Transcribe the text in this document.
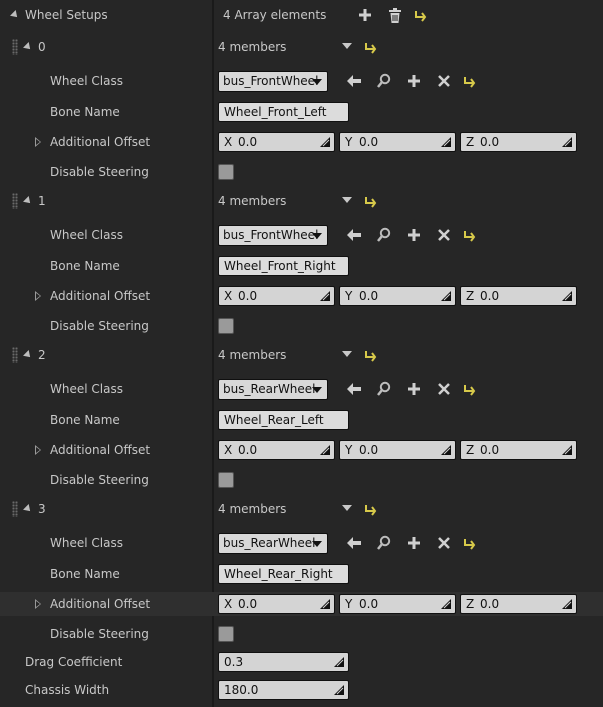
Wheel Setups	4 Array elements
0	4 members
Wheel Class	bus_FrontWheel
Bone Name	Wheel_Front_Left
Additional Offset	X 0.0	Y 0.0	Z 0.0
Disable Steering
1	4 members
Wheel Class	bus_FrontWheel
Bone Name	Wheel_Front_Right
Additional Offset	X 0.0	Y 0.0	Z 0.0
Disable Steering
2	4 members
Wheel Class	bus_RearWheel
Bone Name	Wheel_Rear_Left
Additional Offset	X 0.0	Y 0.0	Z 0.0
Disable Steering
3	4 members
Wheel Class	bus_RearWheel
Bone Name	Wheel_Rear_Right
Additional Offset	X 0.0	Y 0.0	Z 0.0
Disable Steering
Drag Coefficient	0.3
Chassis Width	180.0
